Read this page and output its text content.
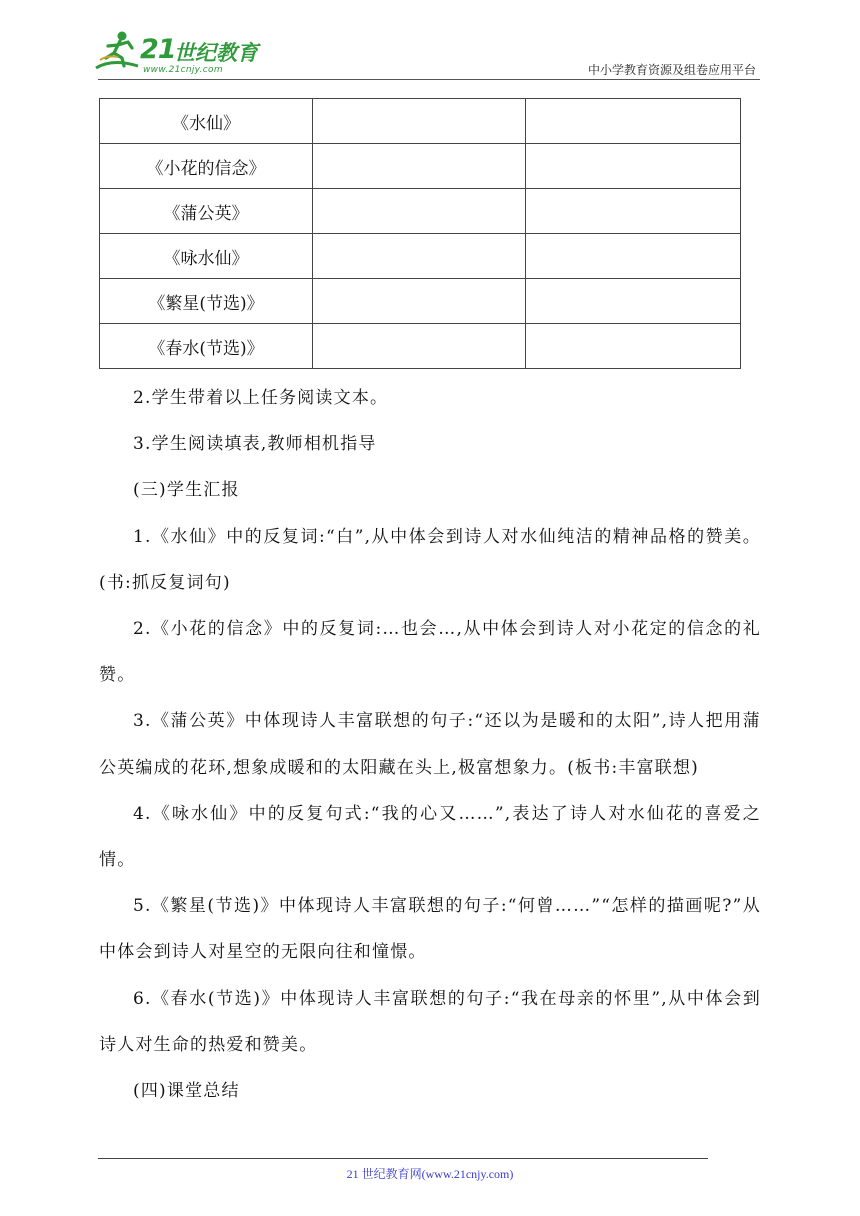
21
世纪教育
www.21cnjy.com	中小学教育资源及组卷应用平台
《水仙》		
《小花的信念》		
《蒲公英》		
《咏水仙》		
《繁星(节选)》		
《春水(节选)》		

2.学生带着以上任务阅读文本。

3.学生阅读填表,教师相机指导

(三)学生汇报

1.《水仙》中的反复词:“白”,从中体会到诗人对水仙纯洁的精神品格的赞美。(书:抓反复词句)

2.《小花的信念》中的反复词:…也会…,从中体会到诗人对小花定的信念的礼赞。

3.《蒲公英》中体现诗人丰富联想的句子:“还以为是暖和的太阳”,诗人把用蒲公英编成的花环,想象成暖和的太阳藏在头上,极富想象力。(板书:丰富联想)

4.《咏水仙》中的反复句式:“我的心又……”,表达了诗人对水仙花的喜爱之情。

5.《繁星(节选)》中体现诗人丰富联想的句子:“何曾……”“怎样的描画呢?”从中体会到诗人对星空的无限向往和憧憬。

6.《春水(节选)》中体现诗人丰富联想的句子:“我在母亲的怀里”,从中体会到诗人对生命的热爱和赞美。

(四)课堂总结

21 世纪教育网(www.21cnjy.com)
